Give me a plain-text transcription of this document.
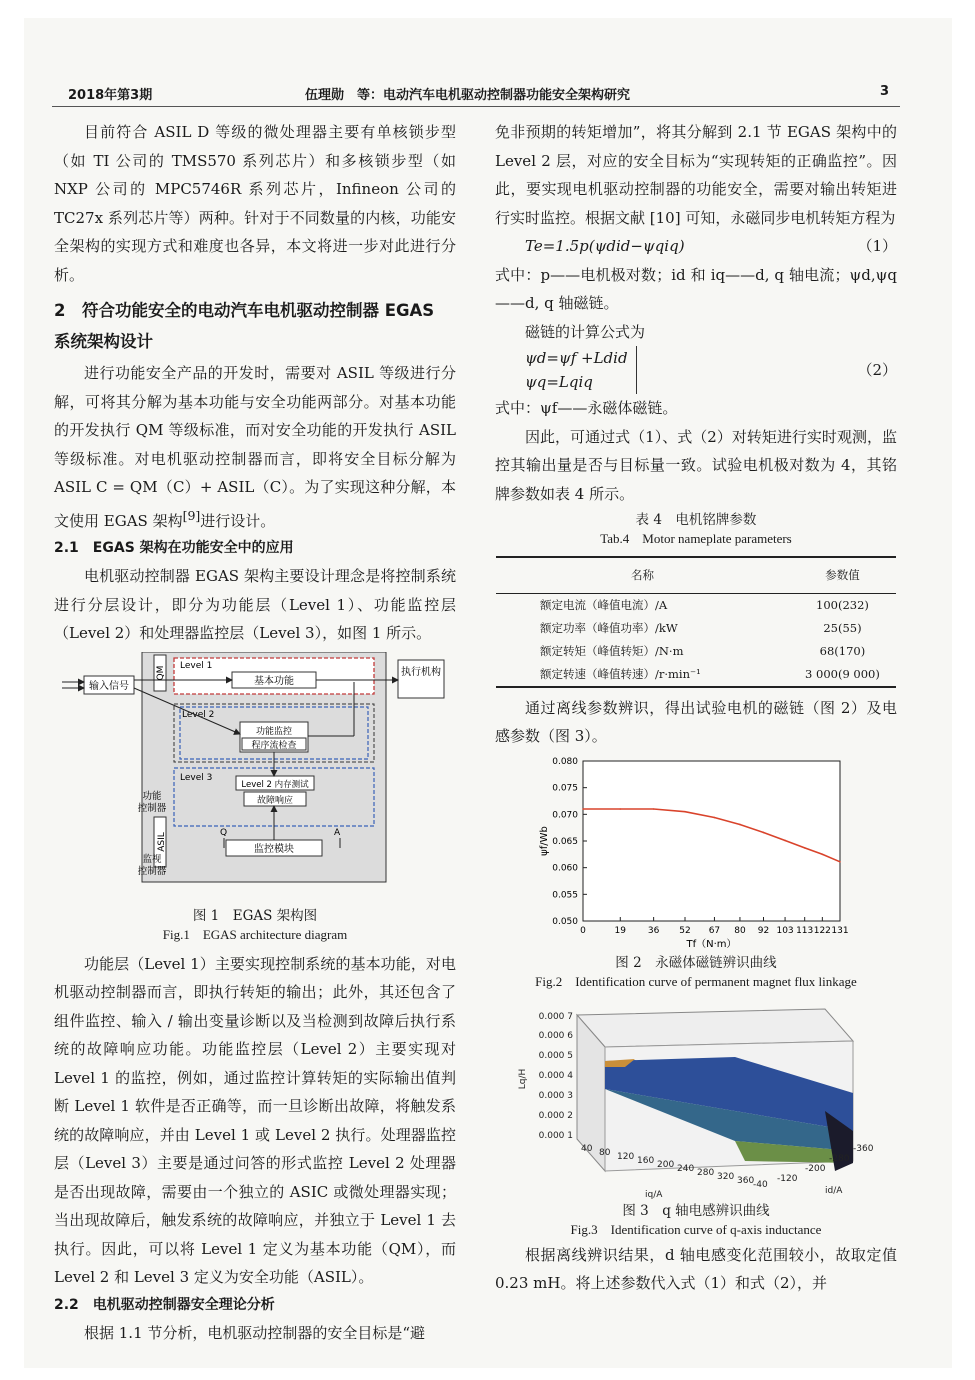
2018年第3期	伍理勋　等：电动汽车电机驱动控制器功能安全架构研究	3

目前符合 ASIL D 等级的微处理器主要有单核锁步型（如 TI 公司的 TMS570 系列芯片）和多核锁步型（如 NXP 公司的 MPC5746R 系列芯片，Infineon 公司的 TC27x 系列芯片等）两种。针对于不同数量的内核，功能安全架构的实现方式和难度也各异，本文将进一步对此进行分析。

2　符合功能安全的电动汽车电机驱动控制器 EGAS 系统架构设计

进行功能安全产品的开发时，需要对 ASIL 等级进行分解，可将其分解为基本功能与安全功能两部分。对基本功能的开发执行 QM 等级标准，而对安全功能的开发执行 ASIL 等级标准。对电机驱动控制器而言，即将安全目标分解为 ASIL C = QM（C）+ ASIL（C）。为了实现这种分解，本文使用 EGAS 架构[9]进行设计。

2.1　EGAS 架构在功能安全中的应用

电机驱动控制器 EGAS 架构主要设计理念是将控制系统进行分层设计，即分为功能层（Level 1）、功能监控层（Level 2）和处理器监控层（Level 3），如图 1 所示。

QM
ASIL
Level 1
基本功能
Level 2
功能监控
程序流检查
Level 3
Level 2 内存测试
故障响应
功能
控制器
监控模块
Q	A
监视
控制器
输入信号
执行机构
图 1　EGAS 架构图
Fig.1　EGAS architecture diagram

功能层（Level 1）主要实现控制系统的基本功能，对电机驱动控制器而言，即执行转矩的输出；此外，其还包含了组件监控、输入 / 输出变量诊断以及当检测到故障后执行系统的故障响应功能。功能监控层（Level 2）主要实现对 Level 1 的监控，例如，通过监控计算转矩的实际输出值判断 Level 1 软件是否正确等，而一旦诊断出故障，将触发系统的故障响应，并由 Level 1 或 Level 2 执行。处理器监控层（Level 3）主要是通过问答的形式监控 Level 2 处理器是否出现故障，需要由一个独立的 ASIC 或微处理器实现；当出现故障后，触发系统的故障响应，并独立于 Level 1 去执行。因此，可以将 Level 1 定义为基本功能（QM），而 Level 2 和 Level 3 定义为安全功能（ASIL）。

2.2　电机驱动控制器安全理论分析

根据 1.1 节分析，电机驱动控制器的安全目标是“避

免非预期的转矩增加”，将其分解到 2.1 节 EGAS 架构中的 Level 2 层，对应的安全目标为“实现转矩的正确监控”。因此，要实现电机驱动控制器的功能安全，需要对输出转矩进行实时监控。根据文献 [10] 可知，永磁同步电机转矩方程为

Te=1.5p(ψdid−ψqiq)	（1）

式中：p——电机极对数；id 和 iq——d, q 轴电流；ψd,ψq——d, q 轴磁链。

磁链的计算公式为

ψd=ψf +Ldid
ψq=Lqiq
（2）

式中：ψf——永磁体磁链。

因此，可通过式（1）、式（2）对转矩进行实时观测，监控其输出量是否与目标量一致。试验电机极对数为 4，其铭牌参数如表 4 所示。

表 4　电机铭牌参数
Tab.4　Motor nameplate parameters
名称	参数值
额定电流（峰值电流）/A	100(232)
额定功率（峰值功率）/kW	25(55)
额定转矩（峰值转矩）/N·m	68(170)
额定转速（峰值转速）/r·min⁻¹	3 000(9 000)

通过离线参数辨识，得出试验电机的磁链（图 2）及电感参数（图 3）。

0.050
0.055
0.060
0.065
0.070
0.075
0.080
0	19 36 52 67 80 92 103 113 122 131
ψf/Wb
Tf（N·m）
图 2　永磁体磁链辨识曲线
Fig.2　Identification curve of permanent magnet flux linkage
0.000 7
0.000 6
0.000 5
0.000 4
0.000 3
0.000 2
0.000 1
Lq/H
40 80 120 160 200 240 280 320 360
iq/A
-40
-120
-200
-280
-360
id/A
图 3　q 轴电感辨识曲线
Fig.3　Identification curve of q-axis inductance

根据离线辨识结果，d 轴电感变化范围较小，故取定值 0.23 mH。将上述参数代入式（1）和式（2），并
